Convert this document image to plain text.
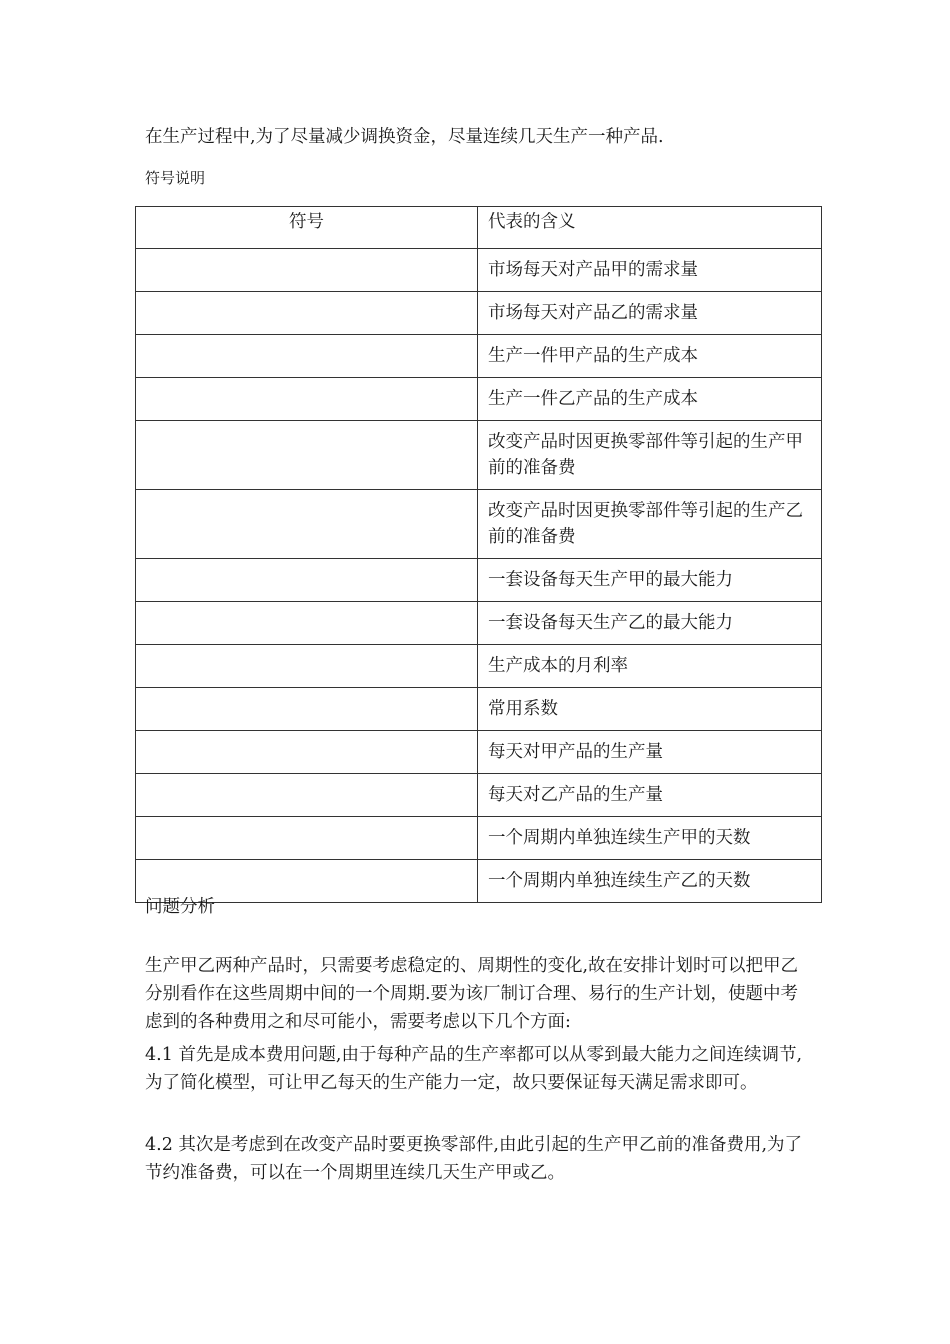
在生产过程中,为了尽量减少调换资金，尽量连续几天生产一种产品.
符号说明
符号	代表的含义
	市场每天对产品甲的需求量
	市场每天对产品乙的需求量
	生产一件甲产品的生产成本
	生产一件乙产品的生产成本
	改变产品时因更换零部件等引起的生产甲前的准备费
	改变产品时因更换零部件等引起的生产乙前的准备费
	一套设备每天生产甲的最大能力
	一套设备每天生产乙的最大能力
	生产成本的月利率
	常用系数
	每天对甲产品的生产量
	每天对乙产品的生产量
	一个周期内单独连续生产甲的天数
	一个周期内单独连续生产乙的天数
问题分析
生产甲乙两种产品时，只需要考虑稳定的、周期性的变化,故在安排计划时可以把甲乙分别看作在这些周期中间的一个周期.要为该厂制订合理、易行的生产计划，使题中考虑到的各种费用之和尽可能小，需要考虑以下几个方面:
4.1 首先是成本费用问题,由于每种产品的生产率都可以从零到最大能力之间连续调节,为了简化模型，可让甲乙每天的生产能力一定，故只要保证每天满足需求即可。
4.2 其次是考虑到在改变产品时要更换零部件,由此引起的生产甲乙前的准备费用,为了节约准备费，可以在一个周期里连续几天生产甲或乙。
